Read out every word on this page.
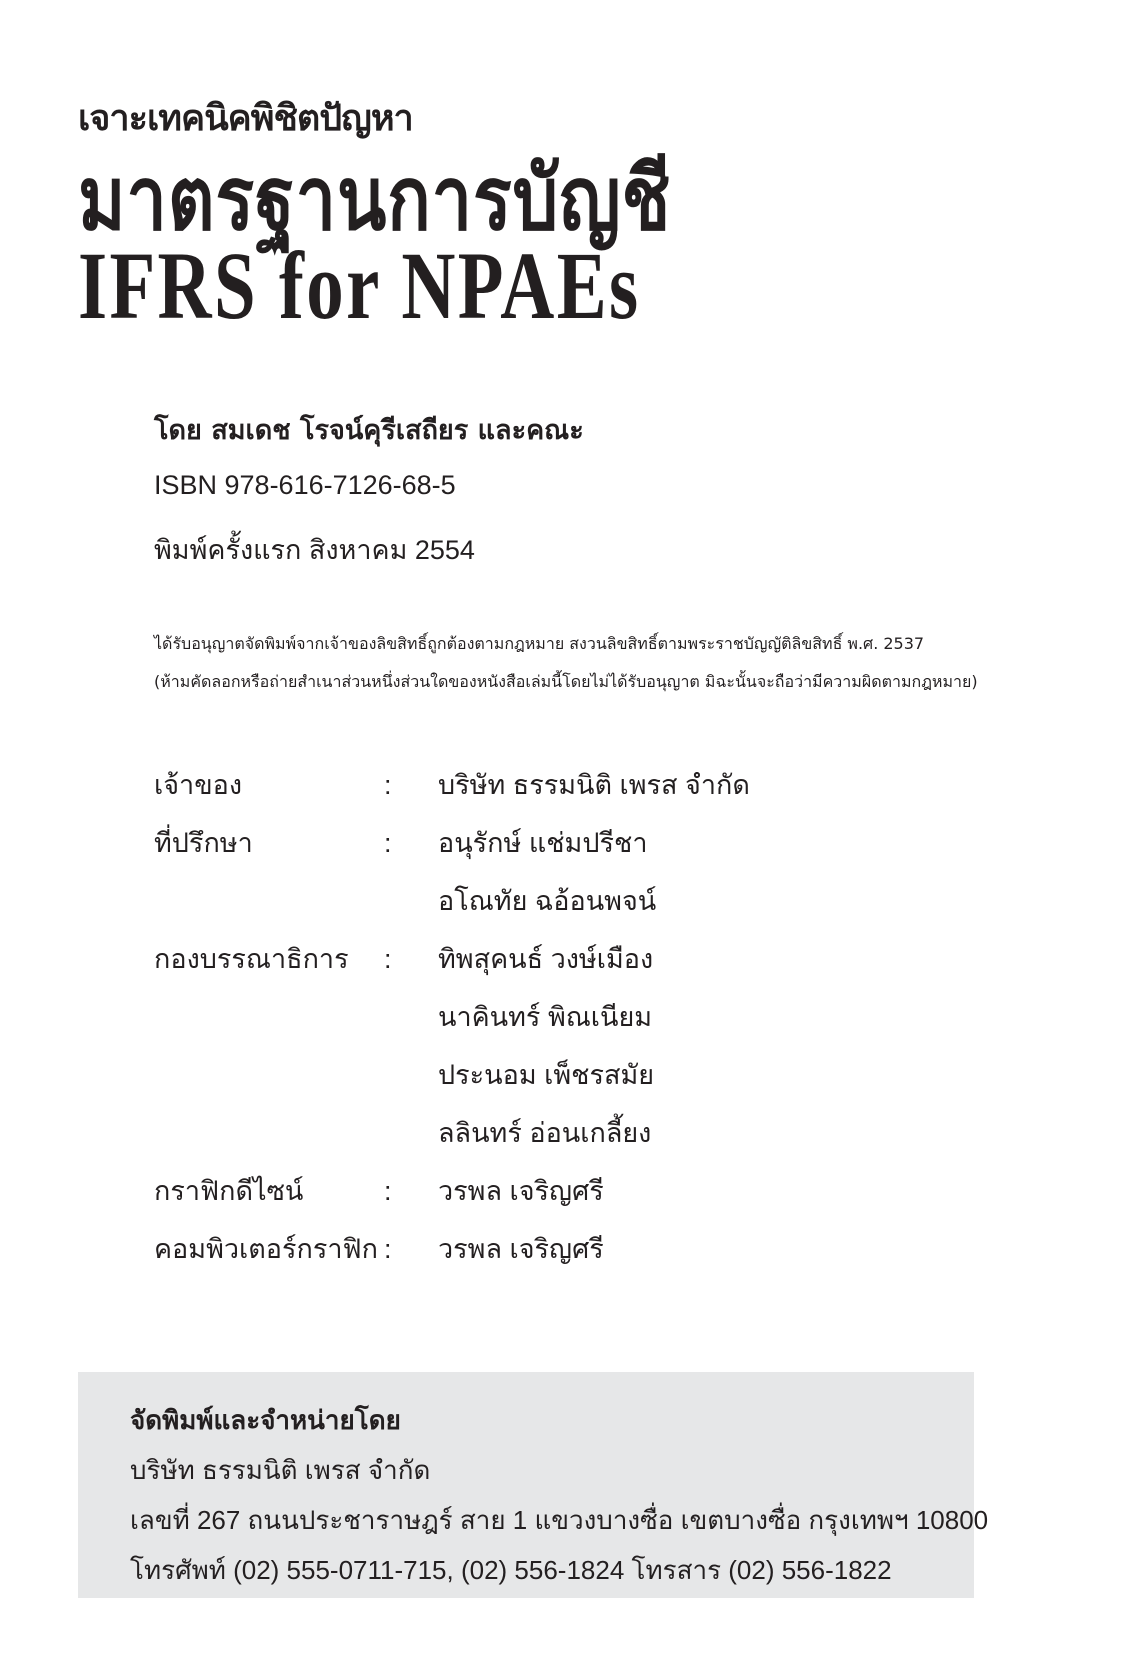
เจาะเทคนิคพิชิตปัญหา
มาตรฐานการบัญชี
IFRS for NPAEs
โดย สมเดช โรจน์คุรีเสถียร และคณะ
ISBN 978-616-7126-68-5
พิมพ์ครั้งแรก สิงหาคม 2554
ได้รับอนุญาตจัดพิมพ์จากเจ้าของลิขสิทธิ์ถูกต้องตามกฎหมาย สงวนลิขสิทธิ์ตามพระราชบัญญัติลิขสิทธิ์ พ.ศ. 2537
(ห้ามคัดลอกหรือถ่ายสำเนาส่วนหนึ่งส่วนใดของหนังสือเล่มนี้โดยไม่ได้รับอนุญาต มิฉะนั้นจะถือว่ามีความผิดตามกฎหมาย)
เจ้าของ	: บริษัท ธรรมนิติ เพรส จำกัด
ที่ปรึกษา	: อนุรักษ์ แช่มปรีชา
อโณทัย ฉอ้อนพจน์
กองบรรณาธิการ : ทิพสุคนธ์ วงษ์เมือง
นาคินทร์ พิณเนียม
ประนอม เพ็ชรสมัย
ลลินทร์ อ่อนเกลี้ยง
กราฟิกดีไซน์	: วรพล เจริญศรี
คอมพิวเตอร์กราฟิก : วรพล เจริญศรี
จัดพิมพ์และจำหน่ายโดย
บริษัท ธรรมนิติ เพรส จำกัด
เลขที่ 267 ถนนประชาราษฎร์ สาย 1 แขวงบางซื่อ เขตบางซื่อ กรุงเทพฯ 10800
โทรศัพท์ (02) 555-0711-715, (02) 556-1824 โทรสาร (02) 556-1822
